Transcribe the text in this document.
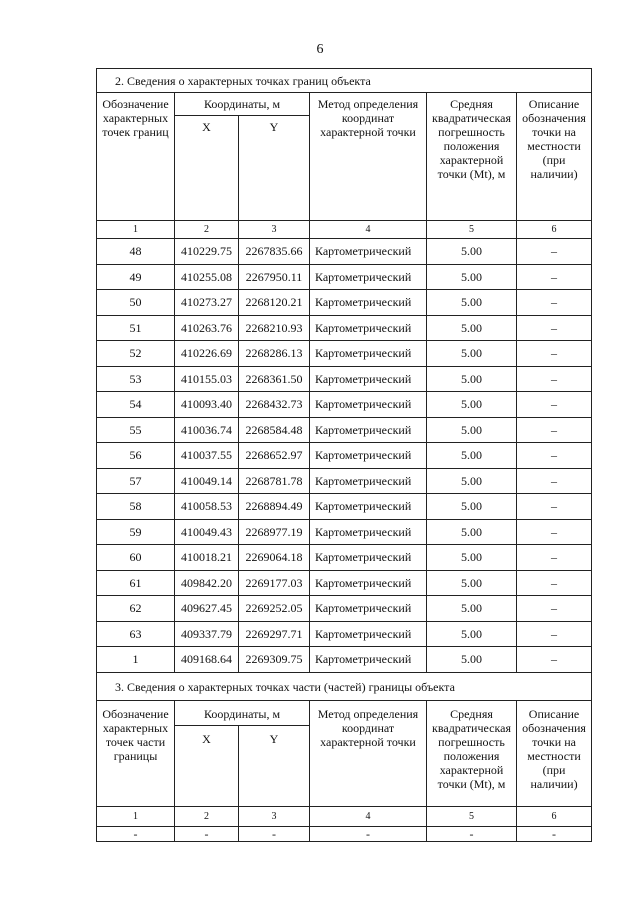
6
2. Сведения о характерных точках границ объекта					
Обозначение характерных точек границ	Координаты, м		Метод определения координат характерной точки	Средняя квадратическая погрешность положения характерной точки (Mt), м	Описание обозначения точки на местности (при наличии)
	X	Y			
1	2	3	4	5	6
48	410229.75	2267835.66	Картометрический	5.00	–
49	410255.08	2267950.11	Картометрический	5.00	–
50	410273.27	2268120.21	Картометрический	5.00	–
51	410263.76	2268210.93	Картометрический	5.00	–
52	410226.69	2268286.13	Картометрический	5.00	–
53	410155.03	2268361.50	Картометрический	5.00	–
54	410093.40	2268432.73	Картометрический	5.00	–
55	410036.74	2268584.48	Картометрический	5.00	–
56	410037.55	2268652.97	Картометрический	5.00	–
57	410049.14	2268781.78	Картометрический	5.00	–
58	410058.53	2268894.49	Картометрический	5.00	–
59	410049.43	2268977.19	Картометрический	5.00	–
60	410018.21	2269064.18	Картометрический	5.00	–
61	409842.20	2269177.03	Картометрический	5.00	–
62	409627.45	2269252.05	Картометрический	5.00	–
63	409337.79	2269297.71	Картометрический	5.00	–
1	409168.64	2269309.75	Картометрический	5.00	–
3. Сведения о характерных точках части (частей) границы объекта					
Обозначение характерных точек части границы	Координаты, м		Метод определения координат характерной точки	Средняя квадратическая погрешность положения характерной точки (Mt), м	Описание обозначения точки на местности (при наличии)
	X	Y			
1	2	3	4	5	6
-	-	-	-	-	-
